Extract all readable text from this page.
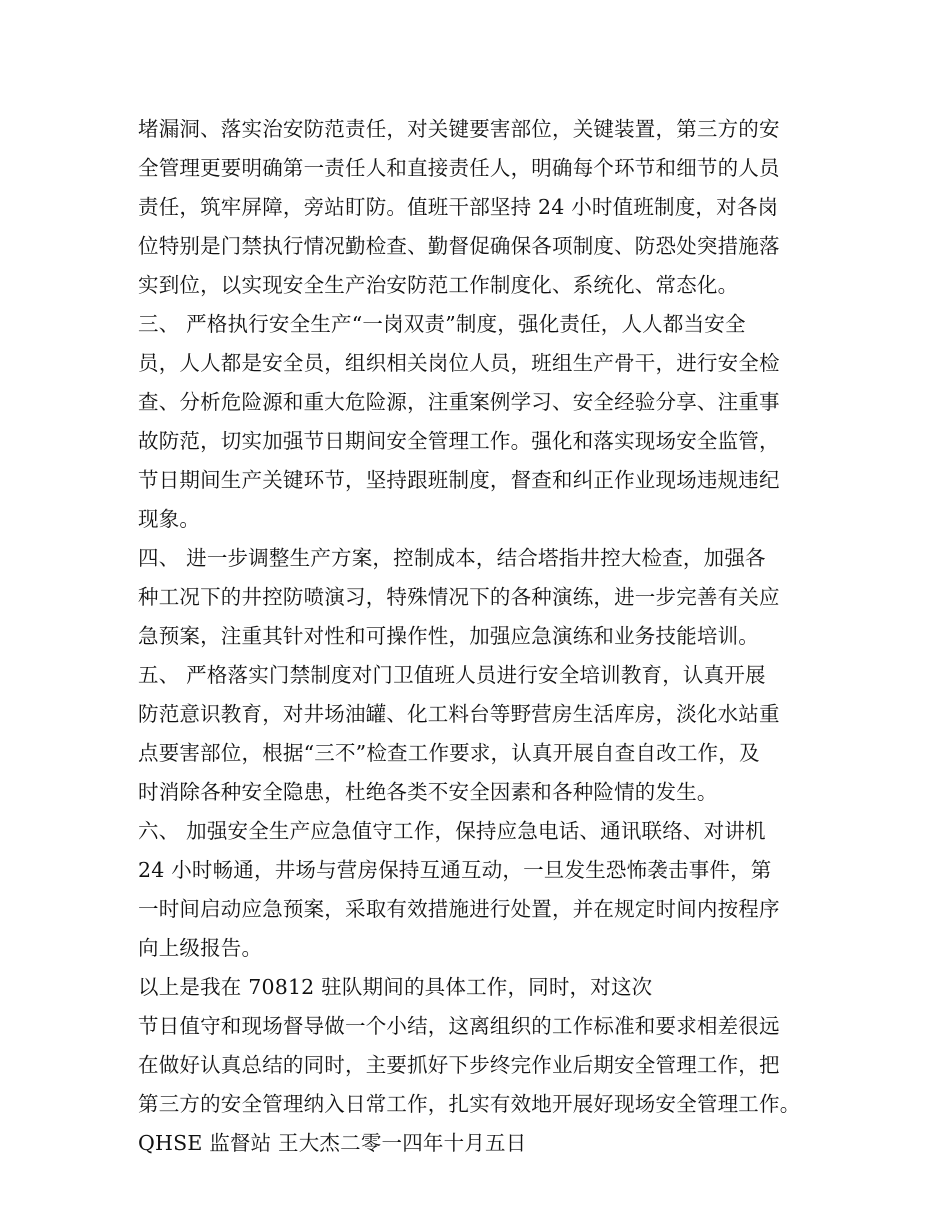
堵漏洞、落实治安防范责任，对关键要害部位，关键装置，第三方的安
全管理更要明确第一责任人和直接责任人，明确每个环节和细节的人员
责任，筑牢屏障，旁站盯防。值班干部坚持 24 小时值班制度，对各岗
位特别是门禁执行情况勤检查、勤督促确保各项制度、防恐处突措施落
实到位，以实现安全生产治安防范工作制度化、系统化、常态化。
三、 严格执行安全生产“一岗双责”制度，强化责任，人人都当安全
员，人人都是安全员，组织相关岗位人员，班组生产骨干，进行安全检
查、分析危险源和重大危险源，注重案例学习、安全经验分享、注重事
故防范，切实加强节日期间安全管理工作。强化和落实现场安全监管，
节日期间生产关键环节，坚持跟班制度，督查和纠正作业现场违规违纪
现象。
四、 进一步调整生产方案，控制成本，结合塔指井控大检查，加强各
种工况下的井控防喷演习，特殊情况下的各种演练，进一步完善有关应
急预案，注重其针对性和可操作性，加强应急演练和业务技能培训。
五、 严格落实门禁制度对门卫值班人员进行安全培训教育，认真开展
防范意识教育，对井场油罐、化工料台等野营房生活库房，淡化水站重
点要害部位，根据“三不”检查工作要求，认真开展自查自改工作，及
时消除各种安全隐患，杜绝各类不安全因素和各种险情的发生。
六、 加强安全生产应急值守工作，保持应急电话、通讯联络、对讲机
24 小时畅通，井场与营房保持互通互动，一旦发生恐怖袭击事件，第
一时间启动应急预案，采取有效措施进行处置，并在规定时间内按程序
向上级报告。
以上是我在 70812 驻队期间的具体工作，同时，对这次
节日值守和现场督导做一个小结，这离组织的工作标准和要求相差很远
在做好认真总结的同时，主要抓好下步终完作业后期安全管理工作，把
第三方的安全管理纳入日常工作，扎实有效地开展好现场安全管理工作。
QHSE 监督站 王大杰二零一四年十月五日
